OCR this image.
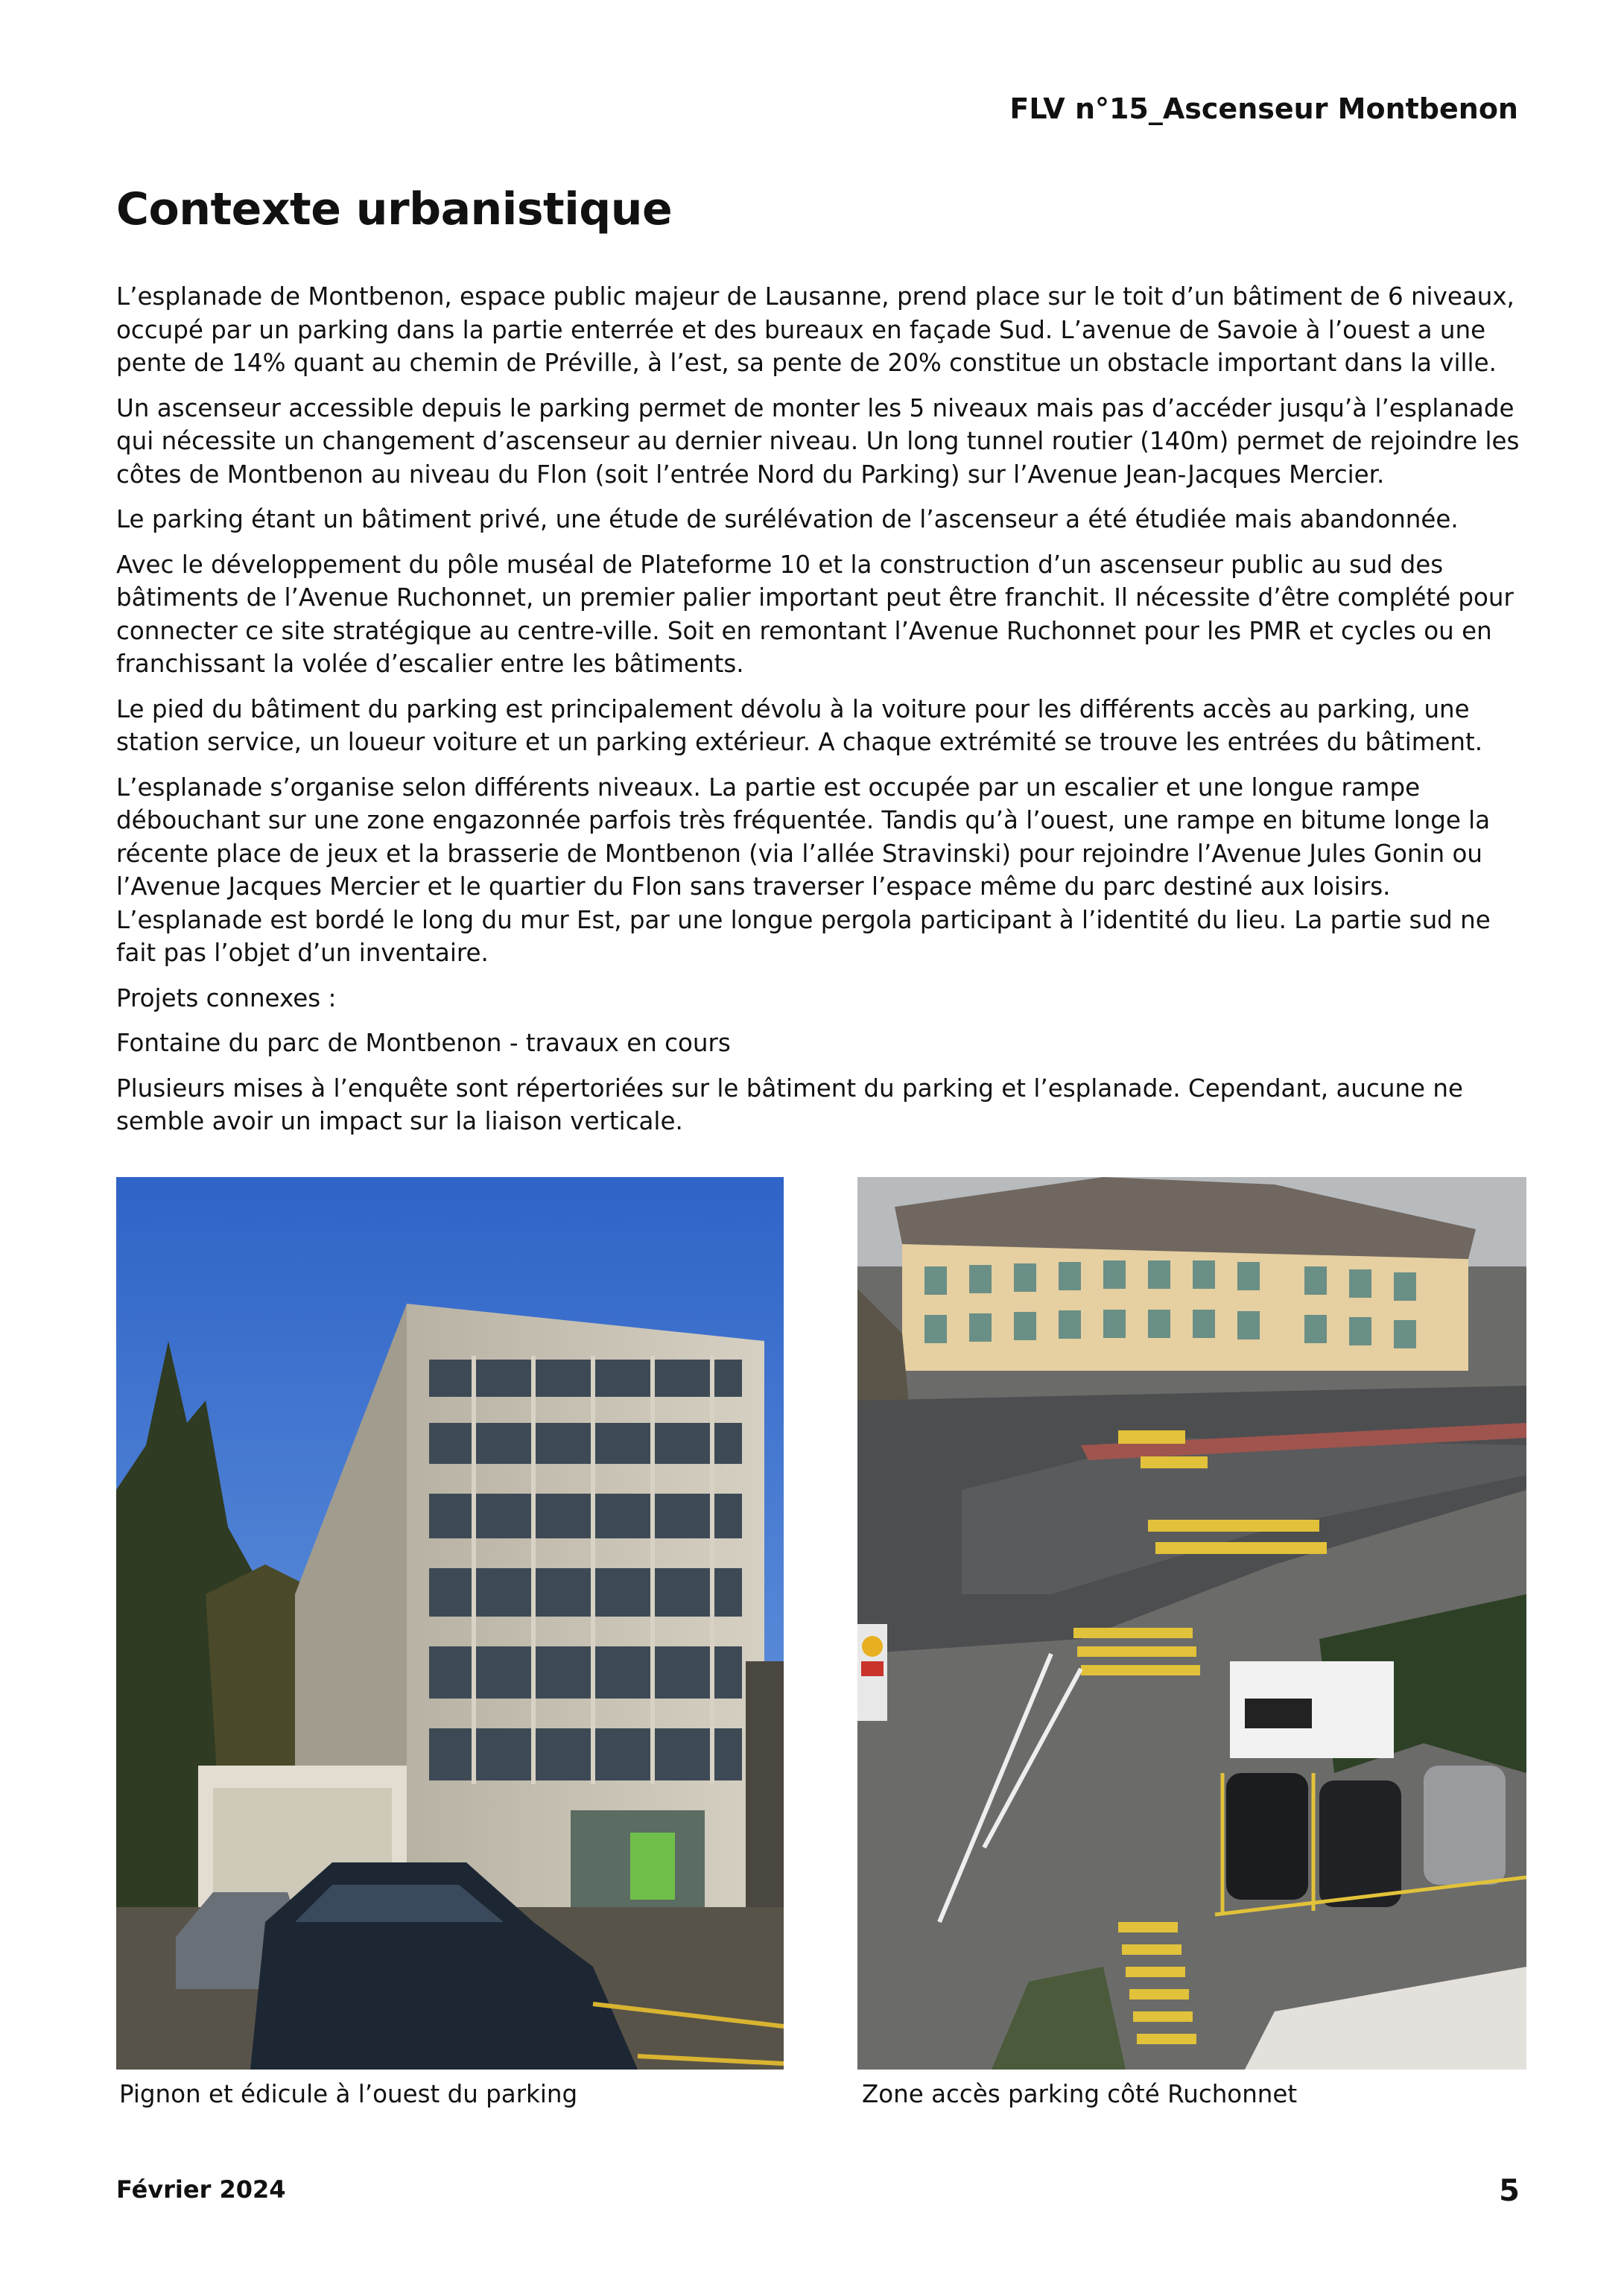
FLV n°15_Ascenseur Montbenon
Contexte urbanistique

L’esplanade de Montbenon, espace public majeur de Lausanne, prend place sur le toit d’un bâtiment de 6 niveaux, occupé par un parking dans la partie enterrée et des bureaux en façade Sud. L’avenue de Savoie à l’ouest a une pente de 14% quant au chemin de Préville, à l’est, sa pente de 20% constitue un obstacle important dans la ville.

Un ascenseur accessible depuis le parking permet de monter les 5 niveaux mais pas d’accéder jusqu’à l’esplanade qui nécessite un changement d’ascenseur au dernier niveau. Un long tunnel routier (140m) permet de rejoindre les côtes de Montbenon au niveau du Flon (soit l’entrée Nord du Parking) sur l’Avenue Jean-Jacques Mercier.

Le parking étant un bâtiment privé, une étude de surélévation de l’ascenseur a été étudiée mais abandonnée.

Avec le développement du pôle muséal de Plateforme 10 et la construction d’un ascenseur public au sud des bâtiments de l’Avenue Ruchonnet, un premier palier important peut être franchit. Il nécessite d’être complété pour connecter ce site stratégique au centre-ville. Soit en remontant l’Avenue Ruchonnet pour les PMR et cycles ou en franchissant la volée d’escalier entre les bâtiments.

Le pied du bâtiment du parking est principalement dévolu à la voiture pour les différents accès au parking, une station service, un loueur voiture et un parking extérieur. A chaque extrémité se trouve les entrées du bâtiment.

L’esplanade s’organise selon différents niveaux. La partie est occupée par un escalier et une longue rampe débouchant sur une zone engazonnée parfois très fréquentée. Tandis qu’à l’ouest, une rampe en bitume longe la récente place de jeux et la brasserie de Montbenon (via l’allée Stravinski) pour rejoindre l’Avenue Jules Gonin ou l’Avenue Jacques Mercier et le quartier du Flon sans traverser l’espace même du parc destiné aux loisirs. L’esplanade est bordé le long du mur Est, par une longue pergola participant à l’identité du lieu. La partie sud ne fait pas l’objet d’un inventaire.

Projets connexes :

Fontaine du parc de Montbenon - travaux en cours

Plusieurs mises à l’enquête sont répertoriées sur le bâtiment du parking et l’esplanade. Cependant, aucune ne semble avoir un impact sur la liaison verticale.

Pignon et édicule à l’ouest du parking	Zone accès parking côté Ruchonnet
Février 2024	5
